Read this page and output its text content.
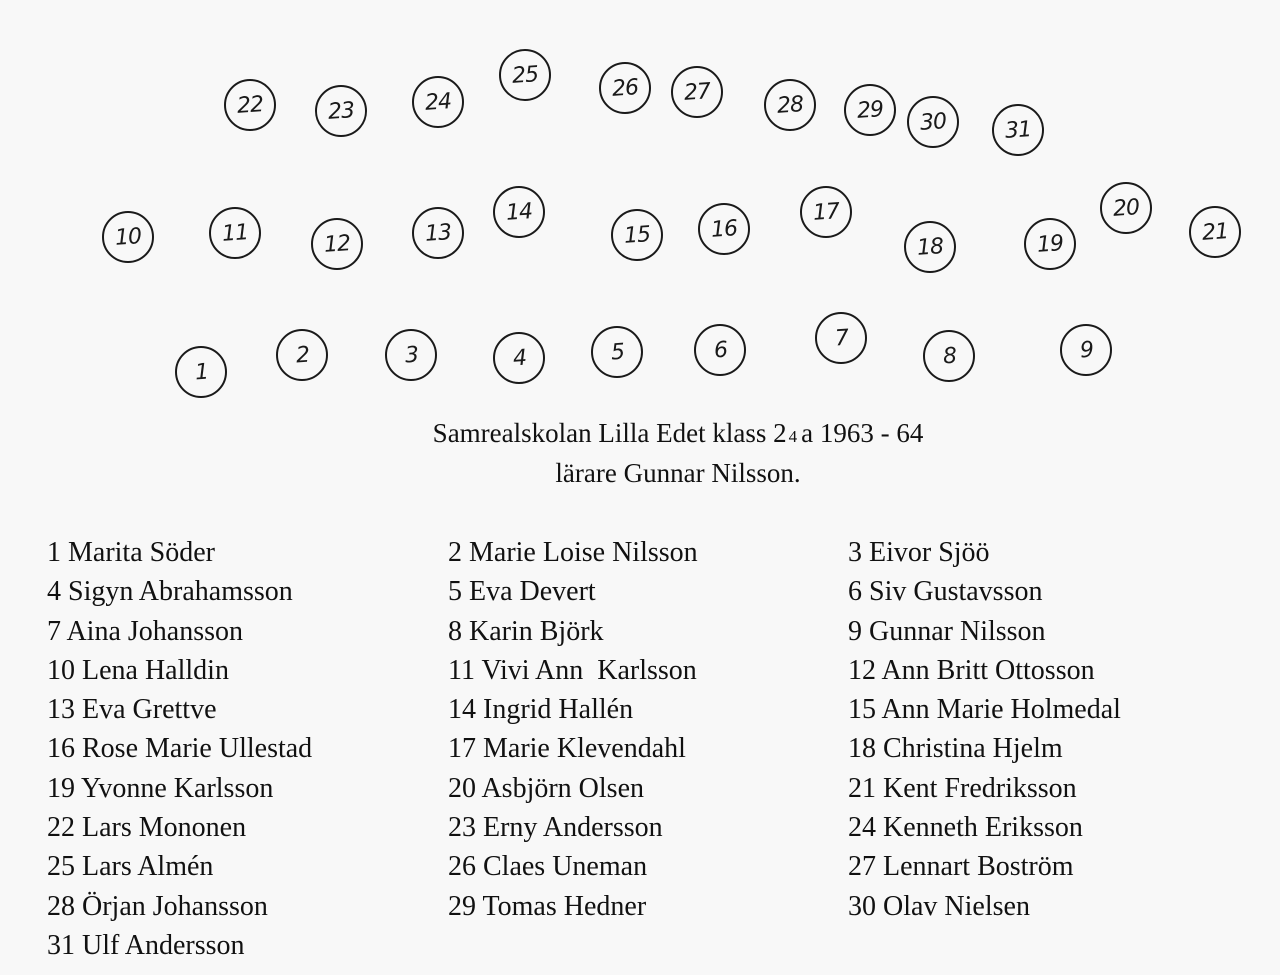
1
2	3	4	5	6	7
8	9
10	11	12	13
14
15	16
17
18	19
20
21
22	23	24
25	26 27	28 29 30	31
Samrealskolan Lilla Edet klass 2 4 a 1963 - 64
lärare Gunnar Nilsson.
1 Marita Söder	2 Marie Loise Nilsson	3 Eivor Sjöö
4 Sigyn Abrahamsson	5 Eva Devert	6 Siv Gustavsson
7 Aina Johansson	8 Karin Björk	9 Gunnar Nilsson
10 Lena Halldin	11 Vivi Ann  Karlsson	12 Ann Britt Ottosson
13 Eva Grettve	14 Ingrid Hallén	15 Ann Marie Holmedal
16 Rose Marie Ullestad	17 Marie Klevendahl	18 Christina Hjelm
19 Yvonne Karlsson	20 Asbjörn Olsen	21 Kent Fredriksson
22 Lars Mononen	23 Erny Andersson	24 Kenneth Eriksson
25 Lars Almén	26 Claes Uneman	27 Lennart Boström
28 Örjan Johansson	29 Tomas Hedner	30 Olav Nielsen
31 Ulf Andersson
